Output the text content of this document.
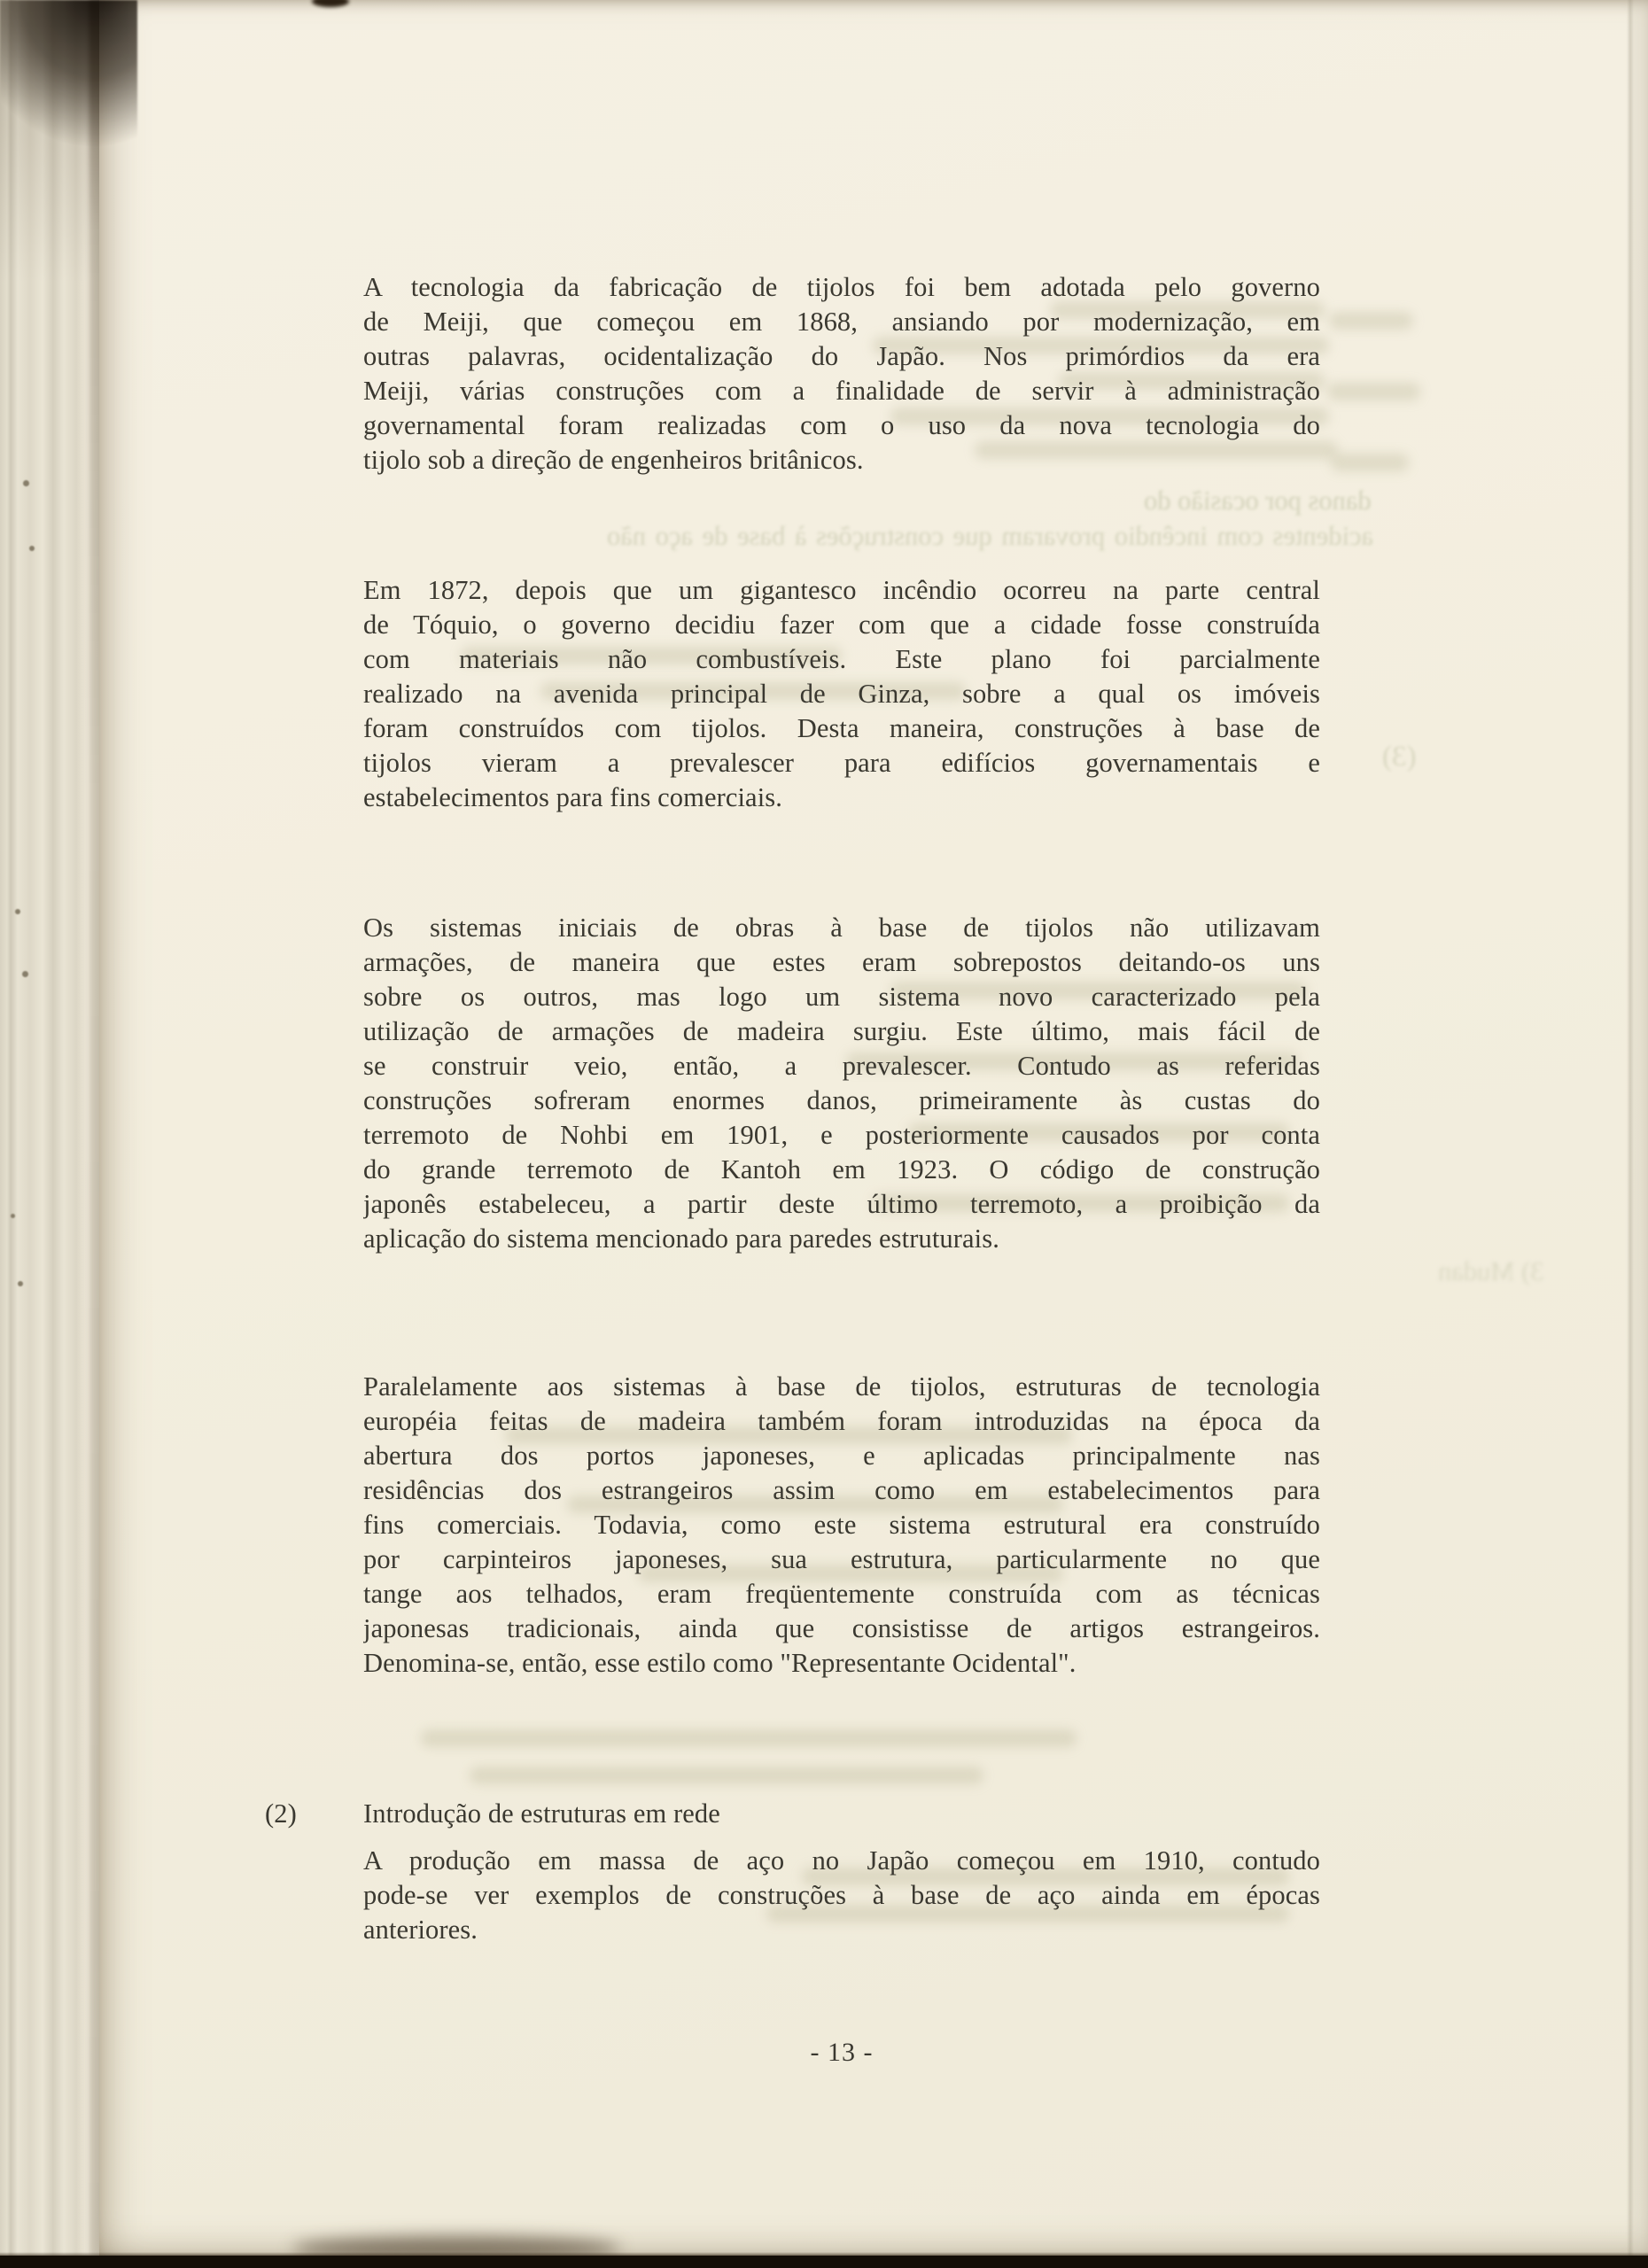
danos por ocasião do
acidentes com incêndio provaram que construções à base de aço não
(3)
3) Mudan
A tecnologia da fabricação de tijolos foi bem adotada pelo governo
de Meiji, que começou em 1868, ansiando por modernização, em
outras palavras, ocidentalização do Japão. Nos primórdios da era
Meiji, várias construções com a finalidade de servir à administração
governamental foram realizadas com o uso da nova tecnologia do
tijolo sob a direção de engenheiros britânicos.
Em 1872, depois que um gigantesco incêndio ocorreu na parte central
de Tóquio, o governo decidiu fazer com que a cidade fosse construída
com materiais não combustíveis. Este plano foi parcialmente
realizado na avenida principal de Ginza, sobre a qual os imóveis
foram construídos com tijolos. Desta maneira, construções à base de
tijolos vieram a prevalescer para edifícios governamentais e
estabelecimentos para fins comerciais.
Os sistemas iniciais de obras à base de tijolos não utilizavam
armações, de maneira que estes eram sobrepostos deitando-os uns
sobre os outros, mas logo um sistema novo caracterizado pela
utilização de armações de madeira surgiu. Este último, mais fácil de
se construir veio, então, a prevalescer. Contudo as referidas
construções sofreram enormes danos, primeiramente às custas do
terremoto de Nohbi em 1901, e posteriormente causados por conta
do grande terremoto de Kantoh em 1923. O código de construção
japonês estabeleceu, a partir deste último terremoto, a proibição da
aplicação do sistema mencionado para paredes estruturais.
Paralelamente aos sistemas à base de tijolos, estruturas de tecnologia
européia feitas de madeira também foram introduzidas na época da
abertura dos portos japoneses, e aplicadas principalmente nas
residências dos estrangeiros assim como em estabelecimentos para
fins comerciais. Todavia, como este sistema estrutural era construído
por carpinteiros japoneses, sua estrutura, particularmente no que
tange aos telhados, eram freqüentemente construída com as técnicas
japonesas tradicionais, ainda que consistisse de artigos estrangeiros.
Denomina-se, então, esse estilo como "Representante Ocidental".
(2) Introdução de estruturas em rede
A produção em massa de aço no Japão começou em 1910, contudo
pode-se ver exemplos de construções à base de aço ainda em épocas
anteriores.
- 13 -
